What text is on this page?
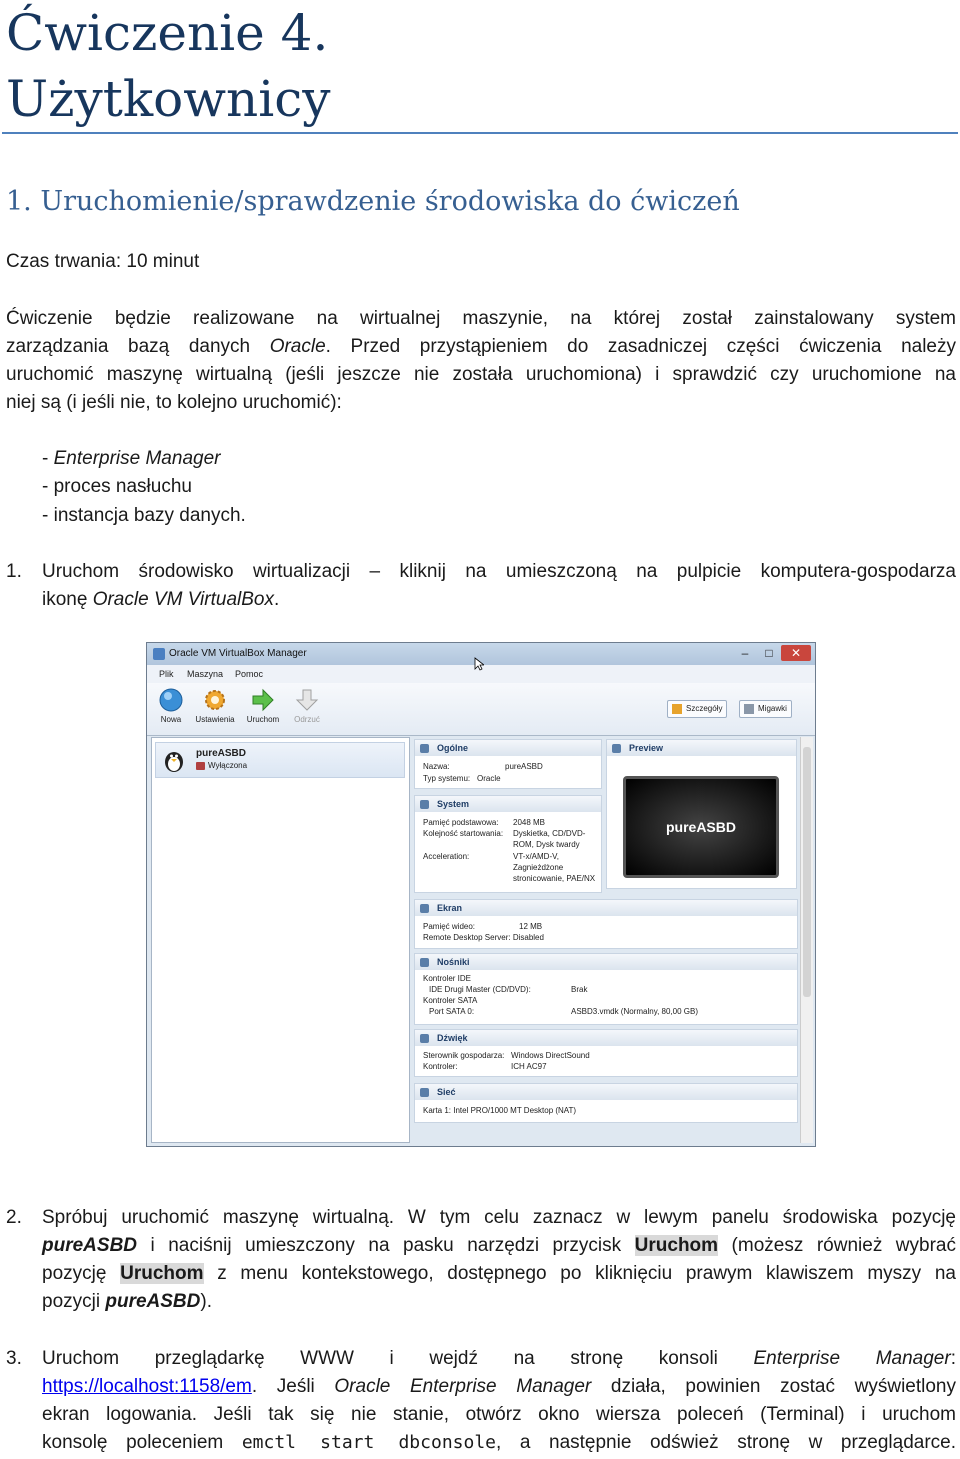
Ćwiczenie 4.
Użytkownicy
1. Uruchomienie/sprawdzenie środowiska do ćwiczeń

Czas trwania: 10 minut

Ćwiczenie będzie realizowane na wirtualnej maszynie, na której został zainstalowany system

zarządzania bazą danych Oracle. Przed przystąpieniem do zasadniczej części ćwiczenia należy

uruchomić maszynę wirtualną (jeśli jeszcze nie została uruchomiona) i sprawdzić czy uruchomione na

niej są (i jeśli nie, to kolejno uruchomić):

- Enterprise Manager

- proces nasłuchu

- instancja bazy danych.

1. Uruchom środowisko wirtualizacji – kliknij na umieszczoną na pulpicie komputera-gospodarza

ikonę Oracle VM VirtualBox.

Oracle VM VirtualBox Manager	–	□	✕
Plik Maszyna Pomoc
Nowa	Ustawienia	Uruchom	Odrzuć
Szczegóły	Migawki
pureASBD
Wyłączona
Ogólne
Nazwa:	pureASBD
Typ systemu: Oracle
Preview
pureASBD
System
Pamięć podstawowa: 2048 MB
Kolejność startowania: Dyskietka, CD/DVD-
ROM, Dysk twardy
Acceleration:	VT-x/AMD-V,
Zagnieżdżone
stronicowanie, PAE/NX
Ekran
Pamięć wideo:	12 MB
Remote Desktop Server: Disabled
Nośniki
Kontroler IDE
IDE Drugi Master (CD/DVD):	Brak
Kontroler SATA
Port SATA 0:	ASBD3.vmdk (Normalny, 80,00 GB)
Dźwięk
Sterownik gospodarza: Windows DirectSound
Kontroler:	ICH AC97
Sieć
Karta 1: Intel PRO/1000 MT Desktop (NAT)
2. Spróbuj uruchomić maszynę wirtualną. W tym celu zaznacz w lewym panelu środowiska pozycję

pureASBD i naciśnij umieszczony na pasku narzędzi przycisk Uruchom (możesz również wybrać

pozycję Uruchom z menu kontekstowego, dostępnego po kliknięciu prawym klawiszem myszy na

pozycji pureASBD).

3. Uruchom przeglądarkę WWW i wejdź na stronę konsoli Enterprise Manager:

https://localhost:1158/em. Jeśli Oracle Enterprise Manager działa, powinien zostać wyświetlony

ekran logowania. Jeśli tak się nie stanie, otwórz okno wiersza poleceń (Terminal) i uruchom

konsolę poleceniem emctl start dbconsole, a następnie odśwież stronę w przeglądarce.
